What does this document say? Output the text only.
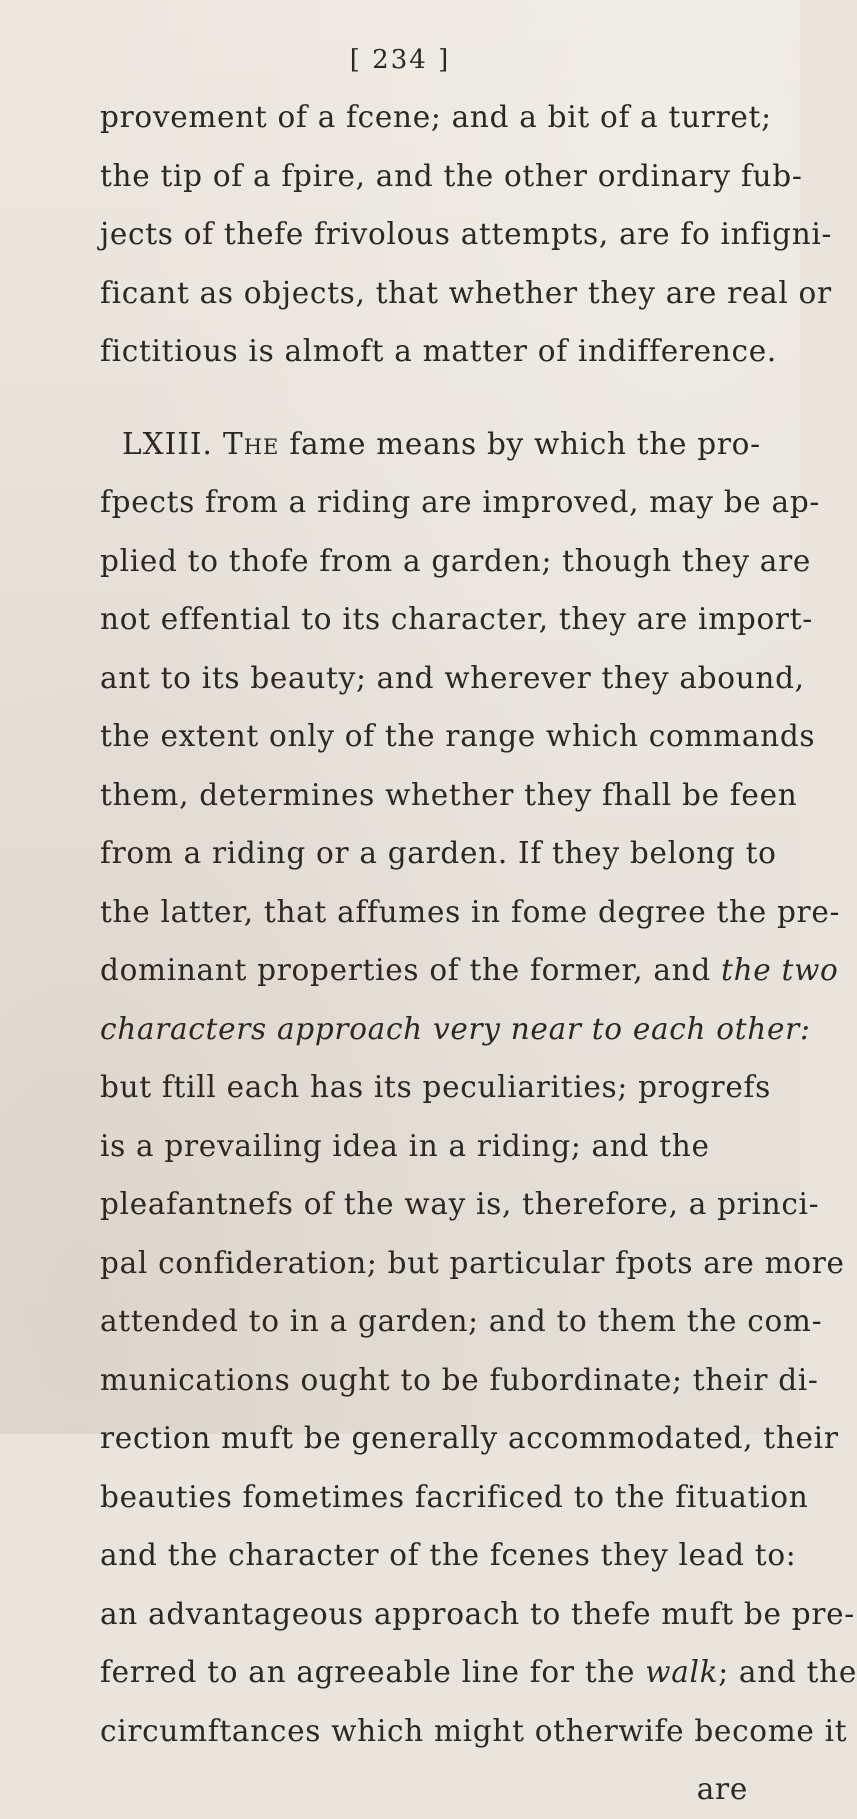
[ 234 ]
provement of a fcene; and a bit of a turret;
the tip of a fpire, and the other ordinary fub-
jects of thefe frivolous attempts, are fo infigni-
ficant as objects, that whether they are real or
fictitious is almoft a matter of indifference.
LXIII. The fame means by which the pro-
fpects from a riding are improved, may be ap-
plied to thofe from a garden; though they are
not effential to its character, they are import-
ant to its beauty; and wherever they abound,
the extent only of the range which commands
them, determines whether they fhall be feen
from a riding or a garden. If they belong to
the latter, that affumes in fome degree the pre-
dominant properties of the former, and the two
characters approach very near to each other:
but ftill each has its peculiarities; progrefs
is a prevailing idea in a riding; and the
pleafantnefs of the way is, therefore, a princi-
pal confideration; but particular fpots are more
attended to in a garden; and to them the com-
munications ought to be fubordinate; their di-
rection muft be generally accommodated, their
beauties fometimes facrificed to the fituation
and the character of the fcenes they lead to:
an advantageous approach to thefe muft be pre-
ferred to an agreeable line for the walk; and the
circumftances which might otherwife become it
are
